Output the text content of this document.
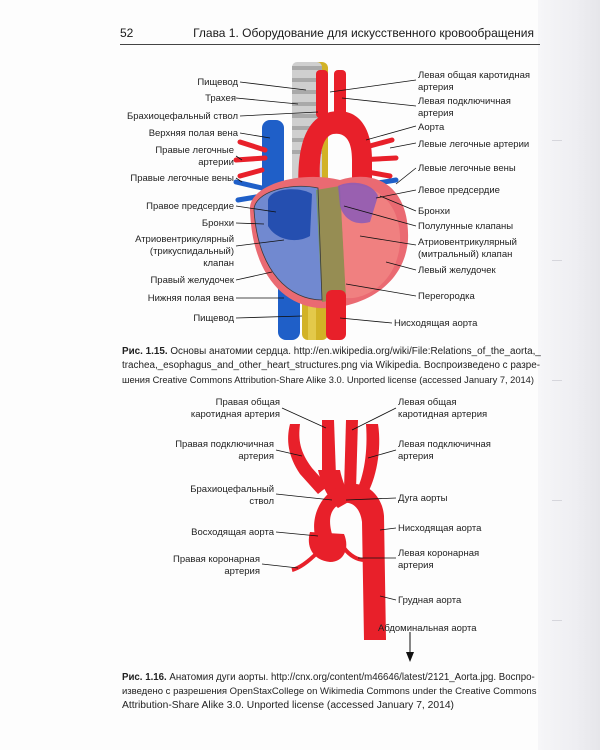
52	Глава 1. Оборудование для искусственного кровообращения
Пищевод
Трахея
Брахиоцефальный ствол
Верхняя полая вена
Правые легочные
артерии
Правые легочные вены
Правое предсердие
Бронхи
Атриовентрикулярный
(трикуспидальный)
клапан
Правый желудочек
Нижняя полая вена
Пищевод
Левая общая каротидная
артерия
Левая подключичная
артерия
Аорта
Левые легочные артерии
Левые легочные вены
Левое предсердие
Бронхи
Полулунные клапаны
Атриовентрикулярный
(митральный) клапан
Левый желудочек
Перегородка
Нисходящая аорта
Правая общая
каротидная артерия
Правая подключичная
артерия
Брахиоцефальный
ствол
Восходящая аорта
Правая коронарная
артерия
Левая общая
каротидная артерия
Левая подключичная
артерия
Дуга аорты
Нисходящая аорта
Левая коронарная
артерия
Грудная аорта
Абдоминальная аорта
Рис. 1.15. Основы анатомии сердца. http://en.wikipedia.org/wiki/File:Relations_of_the_aorta,_
trachea,_esophagus_and_other_heart_structures.png via Wikipedia. Воспроизведено с разре-
шения Creative Commons Attribution-Share Alike 3.0. Unported license (accessed January 7, 2014)
Рис. 1.16. Анатомия дуги аорты. http://cnx.org/content/m46646/latest/2121_Aorta.jpg. Воспро-
изведено с разрешения OpenStaxCollege on Wikimedia Commons under the Creative Commons
Attribution-Share Alike 3.0. Unported license (accessed January 7, 2014)
